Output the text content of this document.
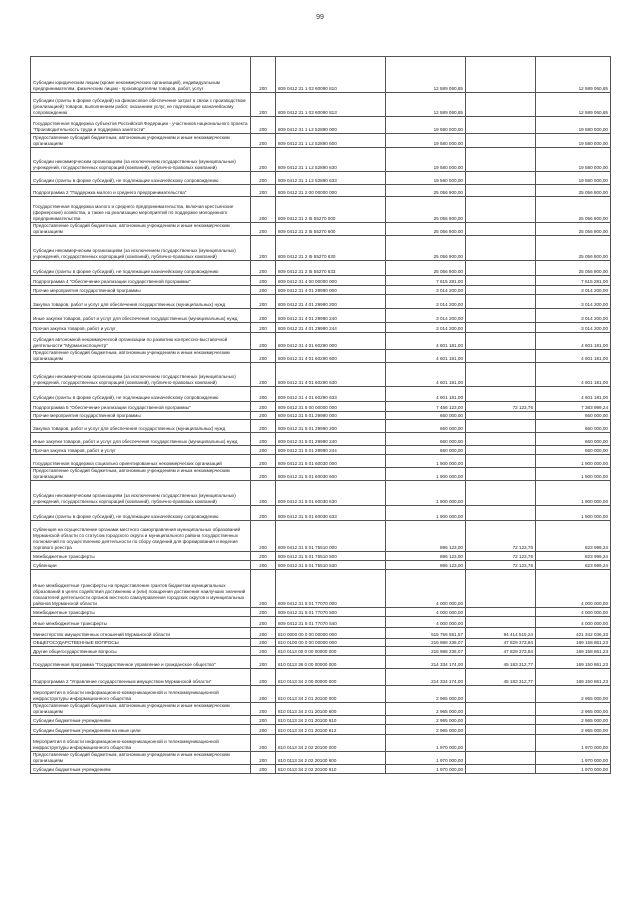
99
Субсидии юридическим лицам (кроме некоммерческих организаций), индивидуальным предпринимателям, физическим лицам - производителям товаров, работ, услуг	200	809 0412 31 1 02 60090 810	12 589 060,65		12 589 060,65
Субсидии (гранты в форме субсидий) на финансовое обеспечение затрат в связи с производством (реализацией) товаров, выполнением работ, оказанием услуг, не подлежащие казначейскому сопровождению	200	809 0412 31 1 02 60090 813	12 589 060,65		12 589 060,65
Государственная поддержка субъектов Российской Федерации - участников национального проекта "Производительность труда и поддержка занятости"	200	809 0412 31 1 L2 52890 000	19 580 000,00		19 580 000,00
Предоставление субсидий бюджетным, автономным учреждениям и иным некоммерческим организациям	200	809 0412 31 1 L2 52890 600	19 580 000,00		19 580 000,00
Субсидии некоммерческим организациям (за исключением государственных (муниципальных) учреждений, государственных корпораций (компаний), публично-правовых компаний)	200	809 0412 31 1 L2 52890 630	19 580 000,00		19 580 000,00
Субсидии (гранты в форме субсидий), не подлежащие казначейскому сопровождению	200	809 0412 31 1 L2 52890 633	19 580 000,00		19 580 000,00
Подпрограмма 2 "Поддержка малого и среднего предпринимательства"	200	809 0412 31 2 00 00000 000	25 056 900,00		25 056 900,00
Государственная поддержка малого и среднего предпринимательства, включая крестьянские (фермерские) хозяйства, а также на реализацию мероприятий по поддержке молодежного предпринимательства	200	809 0412 31 2 I5 55270 000	25 056 900,00		25 056 900,00
Предоставление субсидий бюджетным, автономным учреждениям и иным некоммерческим организациям	200	809 0412 31 2 I5 55270 600	25 056 900,00		25 056 900,00
Субсидии некоммерческим организациям (за исключением государственных (муниципальных) учреждений, государственных корпораций (компаний), публично-правовых компаний)	200	809 0412 31 2 I5 55270 630	25 056 900,00		25 056 900,00
Субсидии (гранты в форме субсидий), не подлежащие казначейскому сопровождению	200	809 0412 31 2 I5 55270 633	25 056 900,00		25 056 900,00
Подпрограмма 4 "Обеспечение реализации государственной программы"	200	809 0412 31 4 00 00000 000	7 615 281,00		7 615 281,00
Прочие мероприятия государственной программы	200	809 0412 31 4 01 29990 000	3 014 200,00		3 014 200,00
Закупка товаров, работ и услуг для обеспечения государственных (муниципальных) нужд	200	809 0412 31 4 01 29990 200	3 014 200,00		3 014 200,00
Иные закупки товаров, работ и услуг для обеспечения государственных (муниципальных) нужд	200	809 0412 31 4 01 29990 240	3 014 200,00		3 014 200,00
Прочая закупка товаров, работ и услуг	200	809 0412 31 4 01 29990 244	3 014 200,00		3 014 200,00
Субсидия автономной некоммерческой организации по развитию конгрессно-выставочной деятельности "Мурманэкспоцентр"	200	809 0412 31 4 01 60290 000	4 601 181,00		4 601 181,00
Предоставление субсидий бюджетным, автономным учреждениям и иным некоммерческим организациям	200	809 0412 31 4 01 60290 600	4 601 181,00		4 601 181,00
Субсидии некоммерческим организациям (за исключением государственных (муниципальных) учреждений, государственных корпораций (компаний), публично-правовых компаний)	200	809 0412 31 4 01 60290 630	4 601 181,00		4 601 181,00
Субсидии (гранты в форме субсидий), не подлежащие казначейскому сопровождению	200	809 0412 31 4 01 60290 633	4 601 181,00		4 601 181,00
Подпрограмма 5 "Обеспечение реализации государственной программы"	200	809 0412 31 5 00 00000 000	7 456 123,00	72 123,76	7 383 999,24
Прочие мероприятия государственной программы	200	809 0412 31 5 01 29990 000	660 000,00		660 000,00
Закупка товаров, работ и услуг для обеспечения государственных (муниципальных) нужд	200	809 0412 31 5 01 29990 200	660 000,00		660 000,00
Иные закупки товаров, работ и услуг для обеспечения государственных (муниципальных) нужд	200	809 0412 31 5 01 29990 240	660 000,00		660 000,00
Прочая закупка товаров, работ и услуг	200	809 0412 31 5 01 29990 244	660 000,00		660 000,00
Государственная поддержка социально ориентированных некоммерческих организаций	200	809 0412 31 5 01 60030 000	1 900 000,00		1 900 000,00
Предоставление субсидий бюджетным, автономным учреждениям и иным некоммерческим организациям	200	809 0412 31 5 01 60030 600	1 900 000,00		1 900 000,00
Субсидии некоммерческим организациям (за исключением государственных (муниципальных) учреждений, государственных корпораций (компаний), публично-правовых компаний)	200	809 0412 31 5 01 60030 630	1 900 000,00		1 900 000,00
Субсидии (гранты в форме субсидий), не подлежащие казначейскому сопровождению	200	809 0412 31 5 01 60030 633	1 900 000,00		1 900 000,00
Субвенция на осуществление органами местного самоуправления муниципальных образований Мурманской области со статусом городского округа и муниципального района государственных полномочий по осуществлению деятельности по сбору сведений для формирования и ведения торгового реестра	200	809 0412 31 5 01 75510 000	896 123,00	72 123,76	823 999,24
Межбюджетные трансферты	200	809 0412 31 5 01 75510 500	896 123,00	72 123,76	823 999,24
Субвенции	200	809 0412 31 5 01 75510 530	896 123,00	72 123,76	823 999,24
Иные межбюджетные трансферты на предоставление грантов бюджетам муниципальных образований в целях содействия достижению и (или) поощрения достижения наилучших значений показателей деятельности органов местного самоуправления городских округов и муниципальных районов Мурманской области	200	809 0412 31 5 01 77070 000	4 000 000,00		4 000 000,00
Межбюджетные трансферты	200	809 0412 31 5 01 77070 500	4 000 000,00		4 000 000,00
Иные межбюджетные трансферты	200	809 0412 31 5 01 77070 540	4 000 000,00		4 000 000,00
Министерство имущественных отношений Мурманской области	200	810 0000 00 0 00 00000 000	515 756 551,57	94 414 515,24	421 342 036,33
ОБЩЕГОСУДАРСТВЕННЫЕ ВОПРОСЫ	200	810 0100 00 0 00 00000 000	216 988 235,07	47 829 373,84	169 158 861,23
Другие общегосударственные вопросы	200	810 0113 00 0 00 00000 000	216 988 235,07	47 829 373,84	169 158 861,23
Государственная программа "Государственное управление и гражданское общество"	200	810 0113 36 0 00 00000 000	214 334 174,00	45 183 312,77	169 150 861,23
Подпрограмма 2 "Управление государственным имуществом Мурманской области"	200	810 0113 34 2 00 00000 000	214 334 174,00	45 183 312,77	169 150 861,23
Мероприятия в области информационно-коммуникационной и телекоммуникационной инфраструктуры информационного общества	200	810 0113 34 2 01 20100 000	2 965 000,00		2 965 000,00
Предоставление субсидий бюджетным, автономным учреждениям и иным некоммерческим организациям	200	810 0113 34 2 01 20100 600	2 965 000,00		2 965 000,00
Субсидии бюджетным учреждениям	200	810 0113 34 2 01 20100 610	2 965 000,00		2 965 000,00
Субсидии бюджетным учреждениям на иные цели	200	810 0113 34 2 01 20100 612	2 965 000,00		2 965 000,00
Мероприятия в области информационно-коммуникационной и телекоммуникационной инфраструктуры информационного общества	200	810 0113 34 2 02 20100 000	1 970 000,00		1 970 000,00
Предоставление субсидий бюджетным, автономным учреждениям и иным некоммерческим организациям	200	810 0113 34 2 02 20100 600	1 970 000,00		1 970 000,00
Субсидии бюджетным учреждениям	200	810 0113 34 2 02 20100 610	1 970 000,00		1 970 000,00
